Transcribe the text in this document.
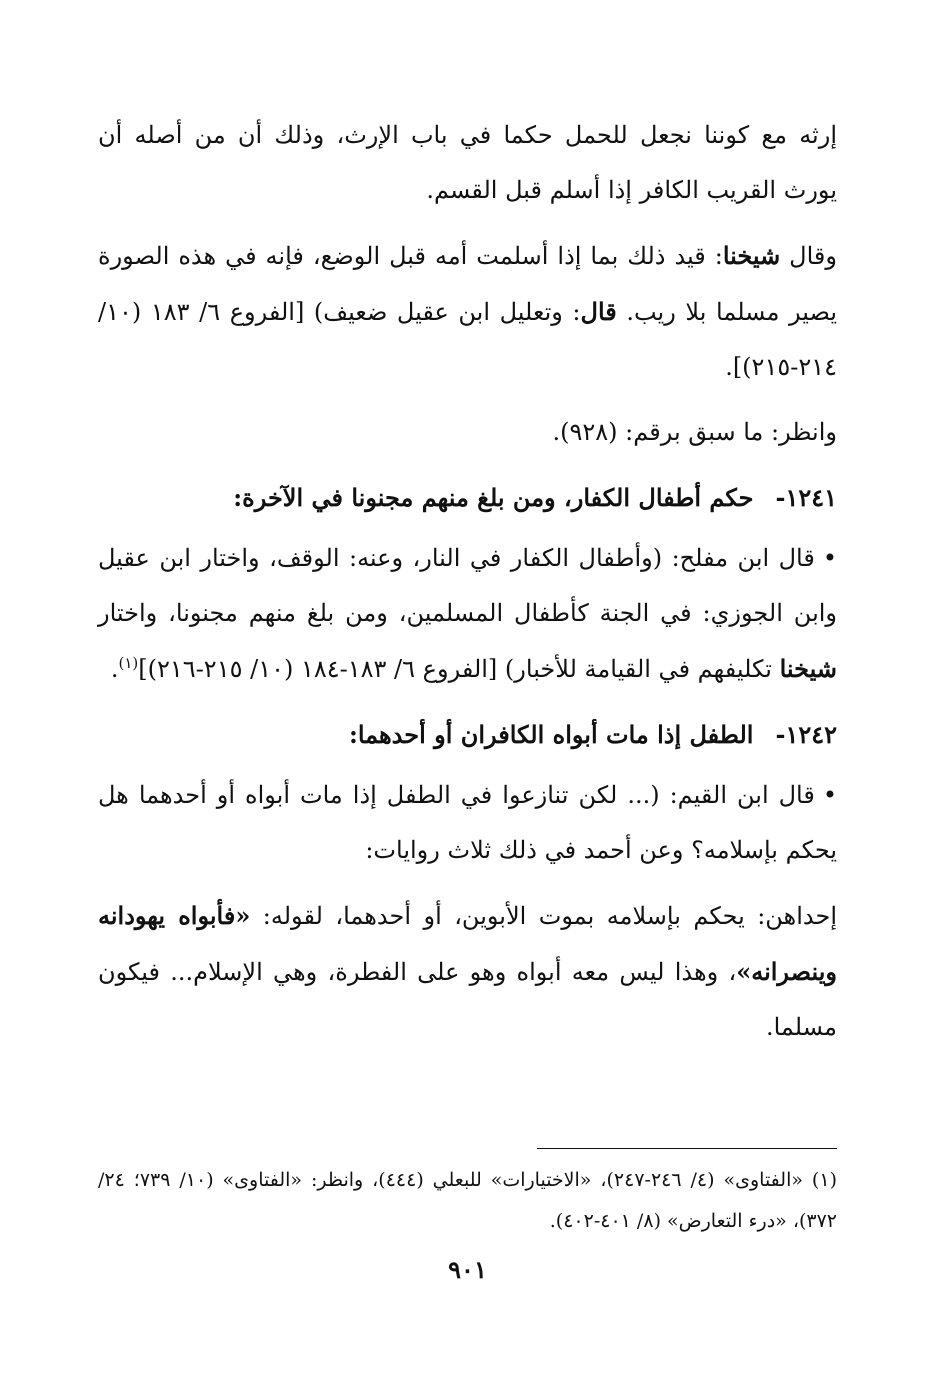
إرثه مع كوننا نجعل للحمل حكما في باب الإرث، وذلك أن من أصله أن يورث القريب الكافر إذا أسلم قبل القسم.

وقال شيخنا: قيد ذلك بما إذا أسلمت أمه قبل الوضع، فإنه في هذه الصورة يصير مسلما بلا ريب. قال: وتعليل ابن عقيل ضعيف) [الفروع ٦/ ١٨٣ (١٠/ ٢١٤-٢١٥)].

وانظر: ما سبق برقم: (٩٢٨).

١٢٤١-حكم أطفال الكفار، ومن بلغ منهم مجنونا في الآخرة:

•قال ابن مفلح: (وأطفال الكفار في النار، وعنه: الوقف، واختار ابن عقيل وابن الجوزي: في الجنة كأطفال المسلمين، ومن بلغ منهم مجنونا، واختار شيخنا تكليفهم في القيامة للأخبار) [الفروع ٦/ ١٨٣-١٨٤ (١٠/ ٢١٥-٢١٦)]$^{(١)}$.

١٢٤٢-الطفل إذا مات أبواه الكافران أو أحدهما:

•قال ابن القيم: (... لكن تنازعوا في الطفل إذا مات أبواه أو أحدهما هل يحكم بإسلامه؟ وعن أحمد في ذلك ثلاث روايات:

إحداهن: يحكم بإسلامه بموت الأبوين، أو أحدهما، لقوله: «فأبواه يهودانه وينصرانه»، وهذا ليس معه أبواه وهو على الفطرة، وهي الإسلام... فيكون مسلما.

(١) «الفتاوى» (٤/ ٢٤٦-٢٤٧)، «الاختيارات» للبعلي (٤٤٤)، وانظر: «الفتاوى» (١٠/ ٧٣٩؛ ٢٤/ ٣٧٢)، «درء التعارض» (٨/ ٤٠١-٤٠٢).

٩٠١
